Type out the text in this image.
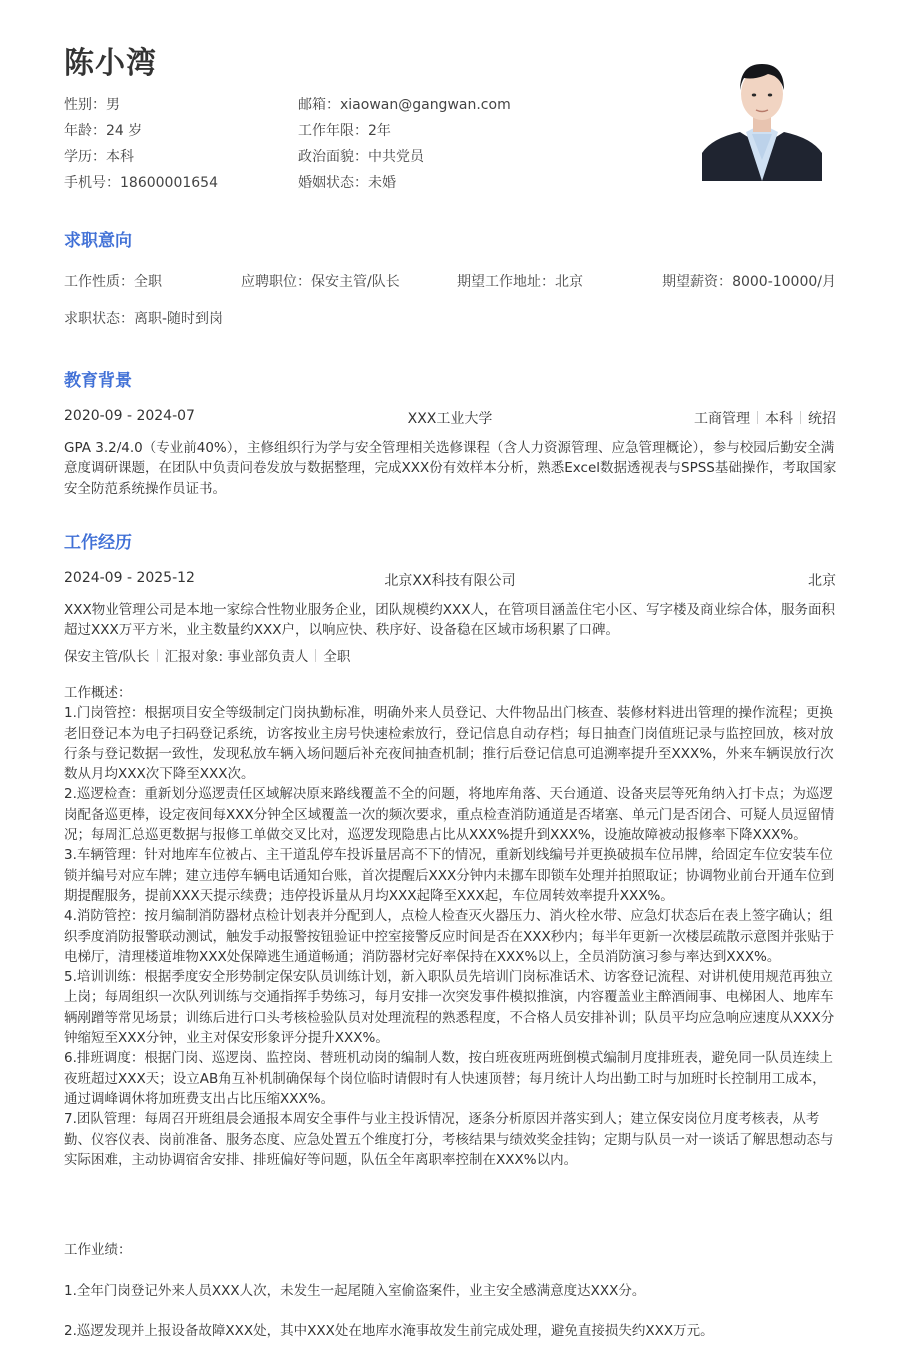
陈小湾
性别：男
年龄：24 岁
学历：本科
手机号：18600001654
邮箱：xiaowan@gangwan.com
工作年限：2年
政治面貌：中共党员
婚姻状态：未婚
求职意向
工作性质：全职	应聘职位：保安主管/队长	期望工作地址：北京	期望薪资：8000-10000/月
求职状态：离职-随时到岗
教育背景
2020-09 - 2024-07	XXX工业大学	工商管理 本科 统招
GPA 3.2/4.0（专业前40%），主修组织行为学与安全管理相关选修课程（含人力资源管理、应急管理概论），参与校园后勤安全满意度调研课题，在团队中负责问卷发放与数据整理，完成XXX份有效样本分析，熟悉Excel数据透视表与SPSS基础操作，考取国家安全防范系统操作员证书。
工作经历
2024-09 - 2025-12	北京XX科技有限公司	北京
XXX物业管理公司是本地一家综合性物业服务企业，团队规模约XXX人，在管项目涵盖住宅小区、写字楼及商业综合体，服务面积超过XXX万平方米，业主数量约XXX户，以响应快、秩序好、设备稳在区域市场积累了口碑。
保安主管/队长 汇报对象: 事业部负责人 全职
工作概述：
1.门岗管控：根据项目安全等级制定门岗执勤标准，明确外来人员登记、大件物品出门核查、装修材料进出管理的操作流程；更换老旧登记本为电子扫码登记系统，访客按业主房号快速检索放行，登记信息自动存档；每日抽查门岗值班记录与监控回放，核对放行条与登记数据一致性，发现私放车辆入场问题后补充夜间抽查机制；推行后登记信息可追溯率提升至XXX%，外来车辆误放行次数从月均XXX次下降至XXX次。
2.巡逻检查：重新划分巡逻责任区域解决原来路线覆盖不全的问题，将地库角落、天台通道、设备夹层等死角纳入打卡点；为巡逻岗配备巡更棒，设定夜间每XXX分钟全区域覆盖一次的频次要求，重点检查消防通道是否堵塞、单元门是否闭合、可疑人员逗留情况；每周汇总巡更数据与报修工单做交叉比对，巡逻发现隐患占比从XXX%提升到XXX%，设施故障被动报修率下降XXX%。
3.车辆管理：针对地库车位被占、主干道乱停车投诉量居高不下的情况，重新划线编号并更换破损车位吊牌，给固定车位安装车位锁并编号对应车牌；建立违停车辆电话通知台账，首次提醒后XXX分钟内未挪车即锁车处理并拍照取证；协调物业前台开通车位到期提醒服务，提前XXX天提示续费；违停投诉量从月均XXX起降至XXX起，车位周转效率提升XXX%。
4.消防管控：按月编制消防器材点检计划表并分配到人，点检人检查灭火器压力、消火栓水带、应急灯状态后在表上签字确认；组织季度消防报警联动测试，触发手动报警按钮验证中控室接警反应时间是否在XXX秒内；每半年更新一次楼层疏散示意图并张贴于电梯厅，清理楼道堆物XXX处保障逃生通道畅通；消防器材完好率保持在XXX%以上，全员消防演习参与率达到XXX%。
5.培训训练：根据季度安全形势制定保安队员训练计划，新入职队员先培训门岗标准话术、访客登记流程、对讲机使用规范再独立上岗；每周组织一次队列训练与交通指挥手势练习，每月安排一次突发事件模拟推演，内容覆盖业主醉酒闹事、电梯困人、地库车辆剐蹭等常见场景；训练后进行口头考核检验队员对处理流程的熟悉程度，不合格人员安排补训；队员平均应急响应速度从XXX分钟缩短至XXX分钟，业主对保安形象评分提升XXX%。
6.排班调度：根据门岗、巡逻岗、监控岗、替班机动岗的编制人数，按白班夜班两班倒模式编制月度排班表，避免同一队员连续上夜班超过XXX天；设立AB角互补机制确保每个岗位临时请假时有人快速顶替；每月统计人均出勤工时与加班时长控制用工成本，通过调峰调休将加班费支出占比压缩XXX%。
7.团队管理：每周召开班组晨会通报本周安全事件与业主投诉情况，逐条分析原因并落实到人；建立保安岗位月度考核表，从考勤、仪容仪表、岗前准备、服务态度、应急处置五个维度打分，考核结果与绩效奖金挂钩；定期与队员一对一谈话了解思想动态与实际困难，主动协调宿舍安排、排班偏好等问题，队伍全年离职率控制在XXX%以内。

工作业绩：

1.全年门岗登记外来人员XXX人次，未发生一起尾随入室偷盗案件，业主安全感满意度达XXX分。

2.巡逻发现并上报设备故障XXX处，其中XXX处在地库水淹事故发生前完成处理，避免直接损失约XXX万元。
